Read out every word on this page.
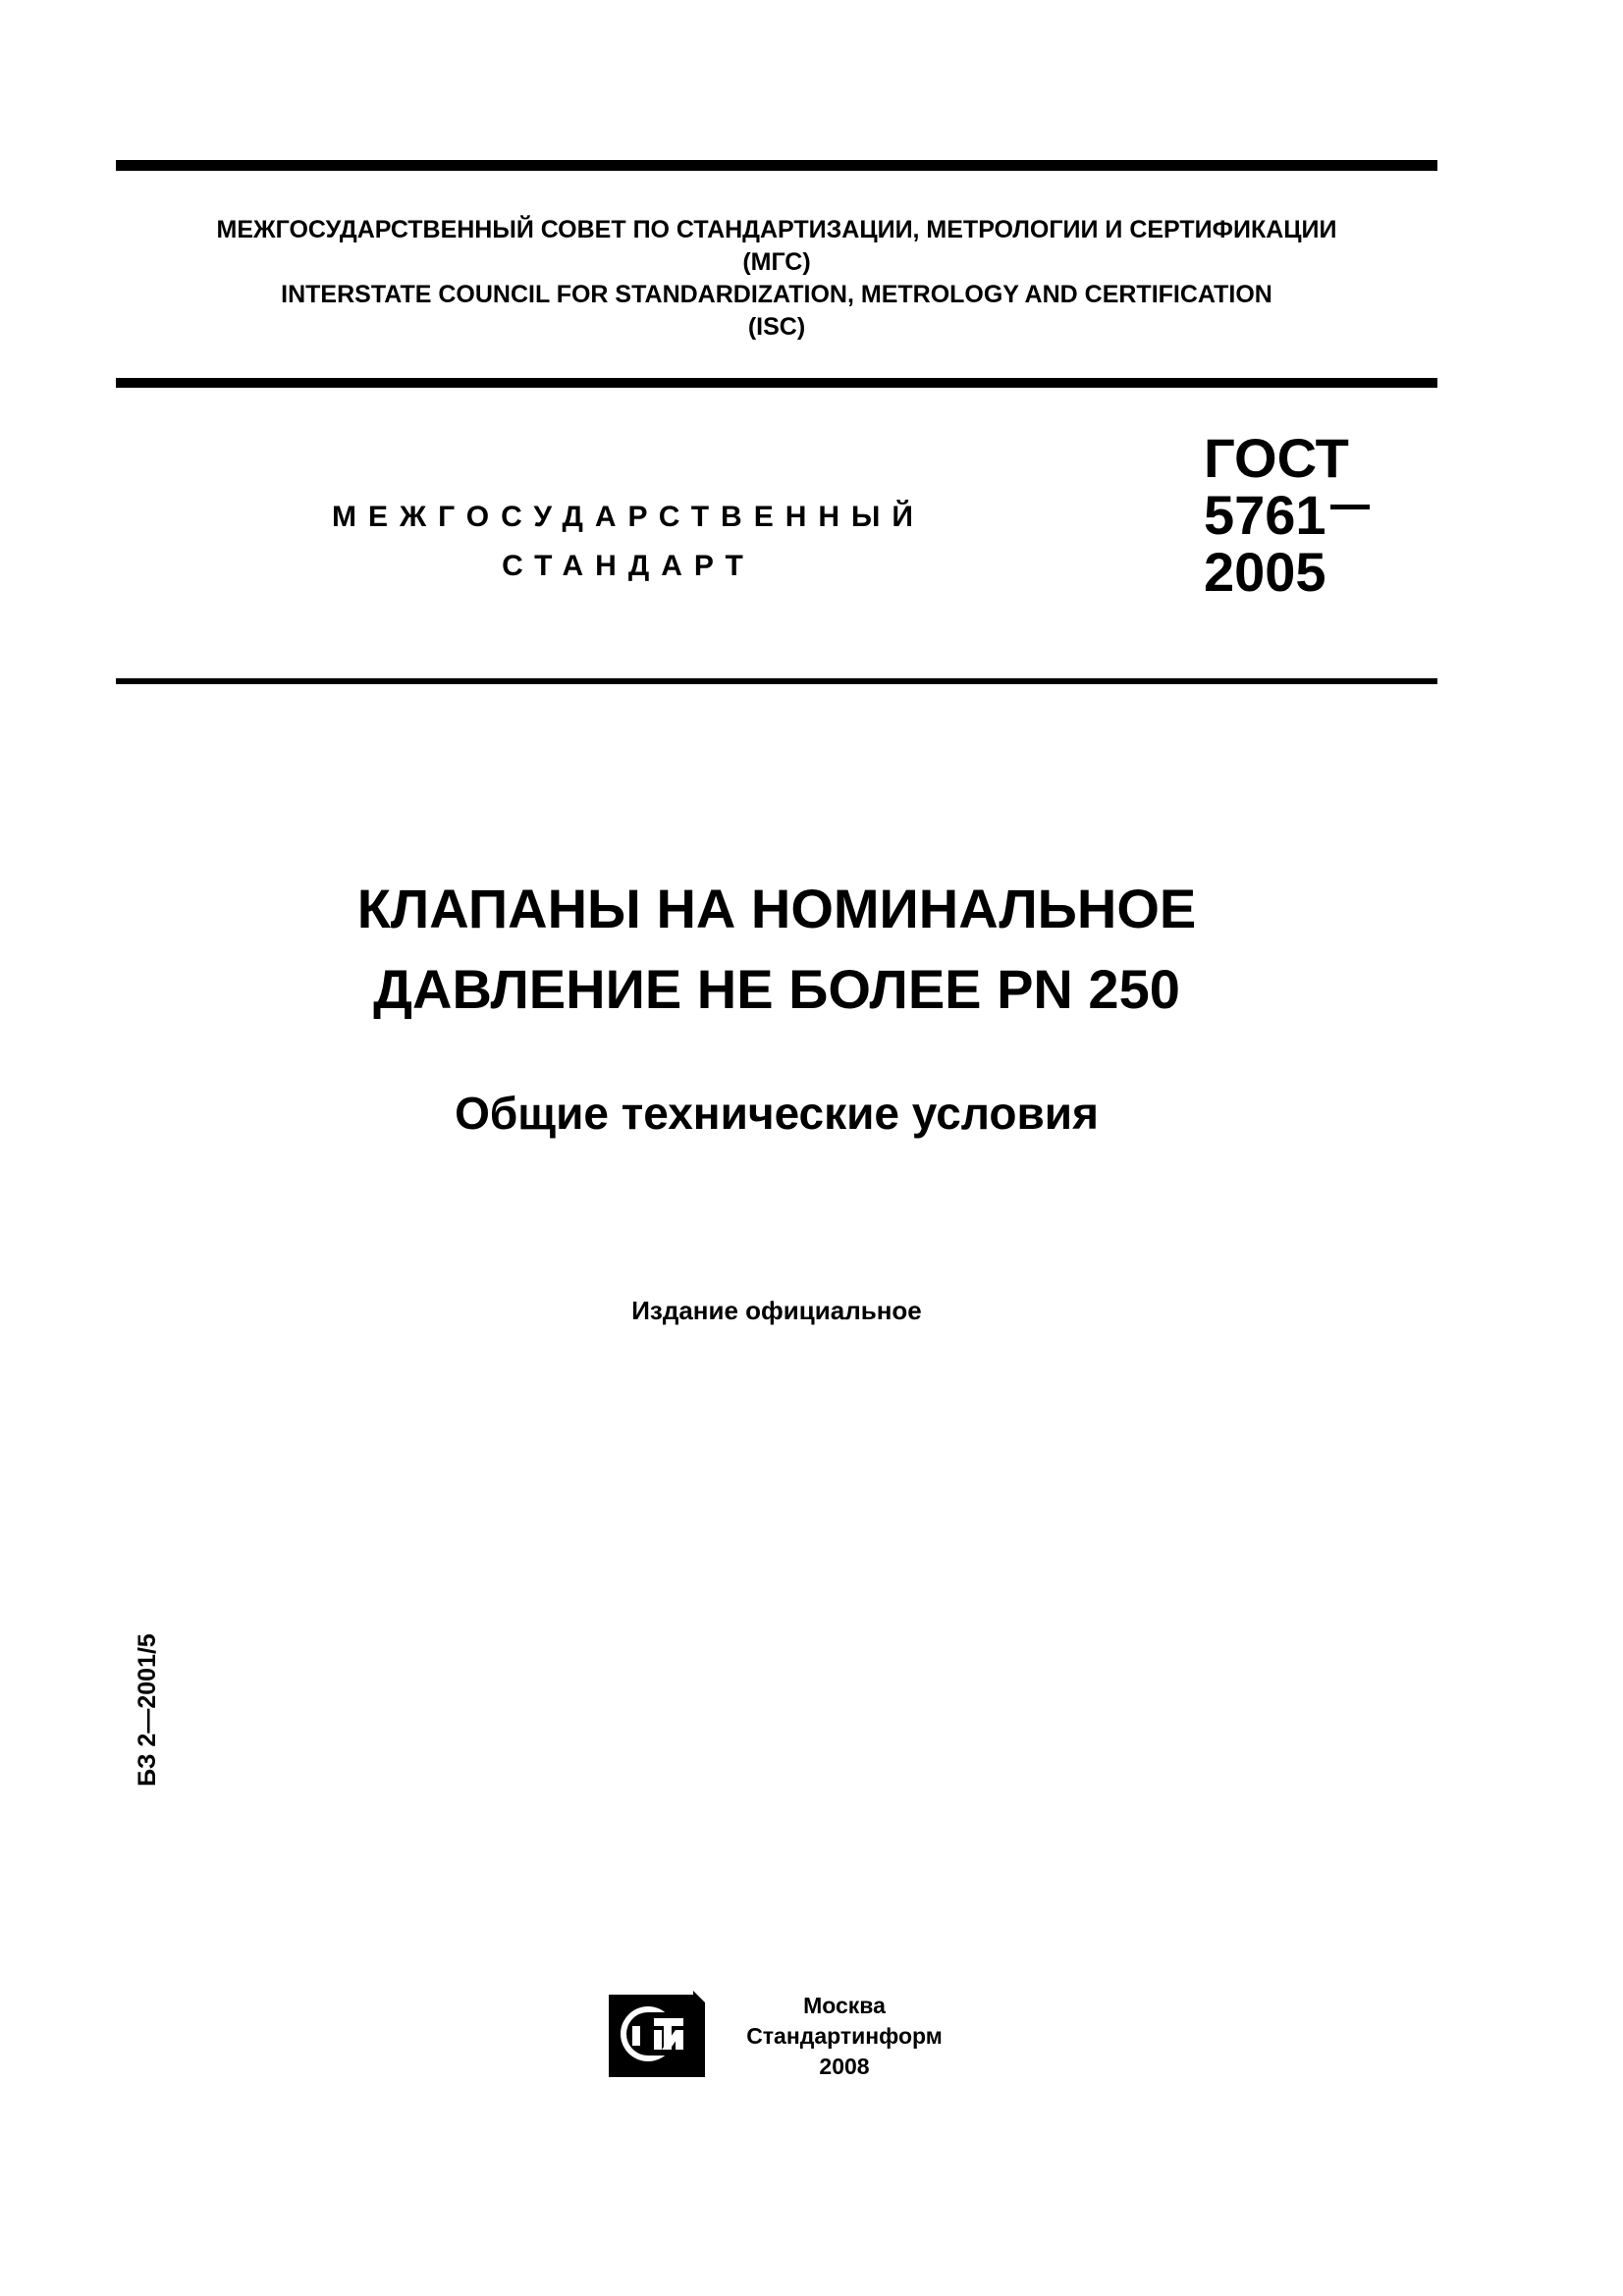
МЕЖГОСУДАРСТВЕННЫЙ СОВЕТ ПО СТАНДАРТИЗАЦИИ, МЕТРОЛОГИИ И СЕРТИФИКАЦИИ
(МГС)
INTERSTATE COUNCIL FOR STANDARDIZATION, METROLOGY AND CERTIFICATION
(ISC)
МЕЖГОСУДАРСТВЕННЫЙ
СТАНДАРТ
ГОСТ
5761
2005
КЛАПАНЫ НА НОМИНАЛЬНОЕ
ДАВЛЕНИЕ НЕ БОЛЕЕ PN 250
Общие технические условия
Издание официальное
БЗ 2—2001/5
Москва
Стандартинформ
2008
